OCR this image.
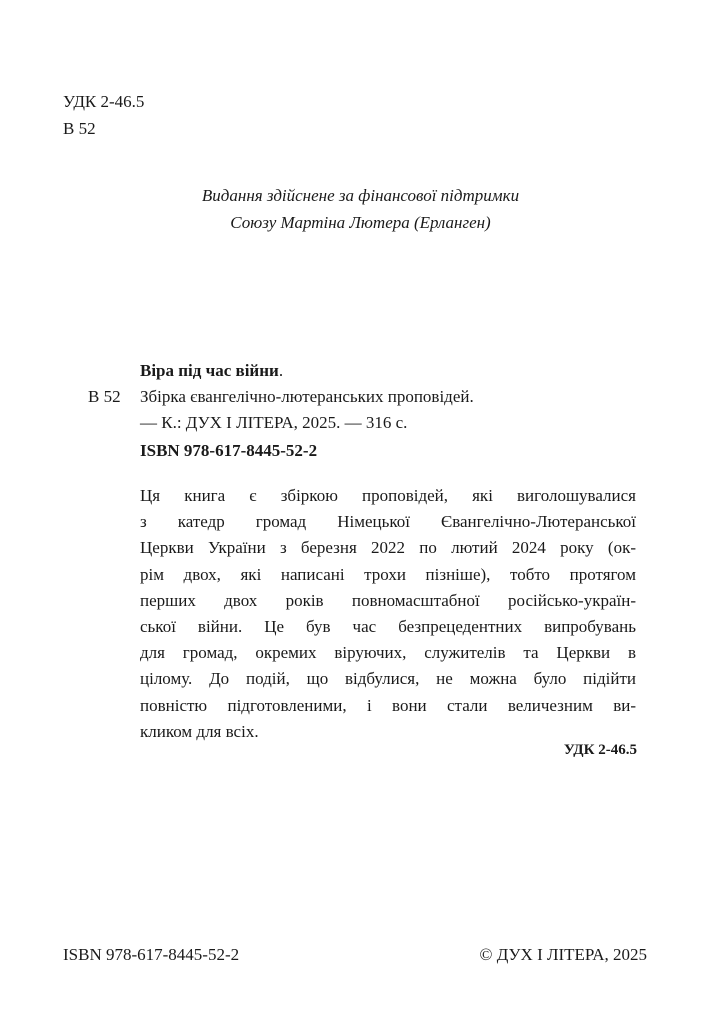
УДК 2-46.5
В 52
Видання здійснене за фінансової підтримки
Союзу Мартіна Лютера (Ерланген)
Віра під час війни.
В 52 Збірка євангелічно-лютеранських проповідей.
— К.: ДУХ І ЛІТЕРА, 2025. — 316 с.
ISBN 978-617-8445-52-2
Ця книга є збіркою проповідей, які виголошувалися
з катедр громад Німецької Євангелічно-Лютеранської
Церкви України з березня 2022 по лютий 2024 року (ок-
рім двох, які написані трохи пізніше), тобто протягом
перших двох років повномасштабної російсько-україн-
ської війни. Це був час безпрецедентних випробувань
для громад, окремих віруючих, служителів та Церкви в
цілому. До подій, що відбулися, не можна було підійти
повністю підготовленими, і вони стали величезним ви-
кликом для всіх.
УДК 2-46.5
ISBN 978-617-8445-52-2	© ДУХ І ЛІТЕРА, 2025
